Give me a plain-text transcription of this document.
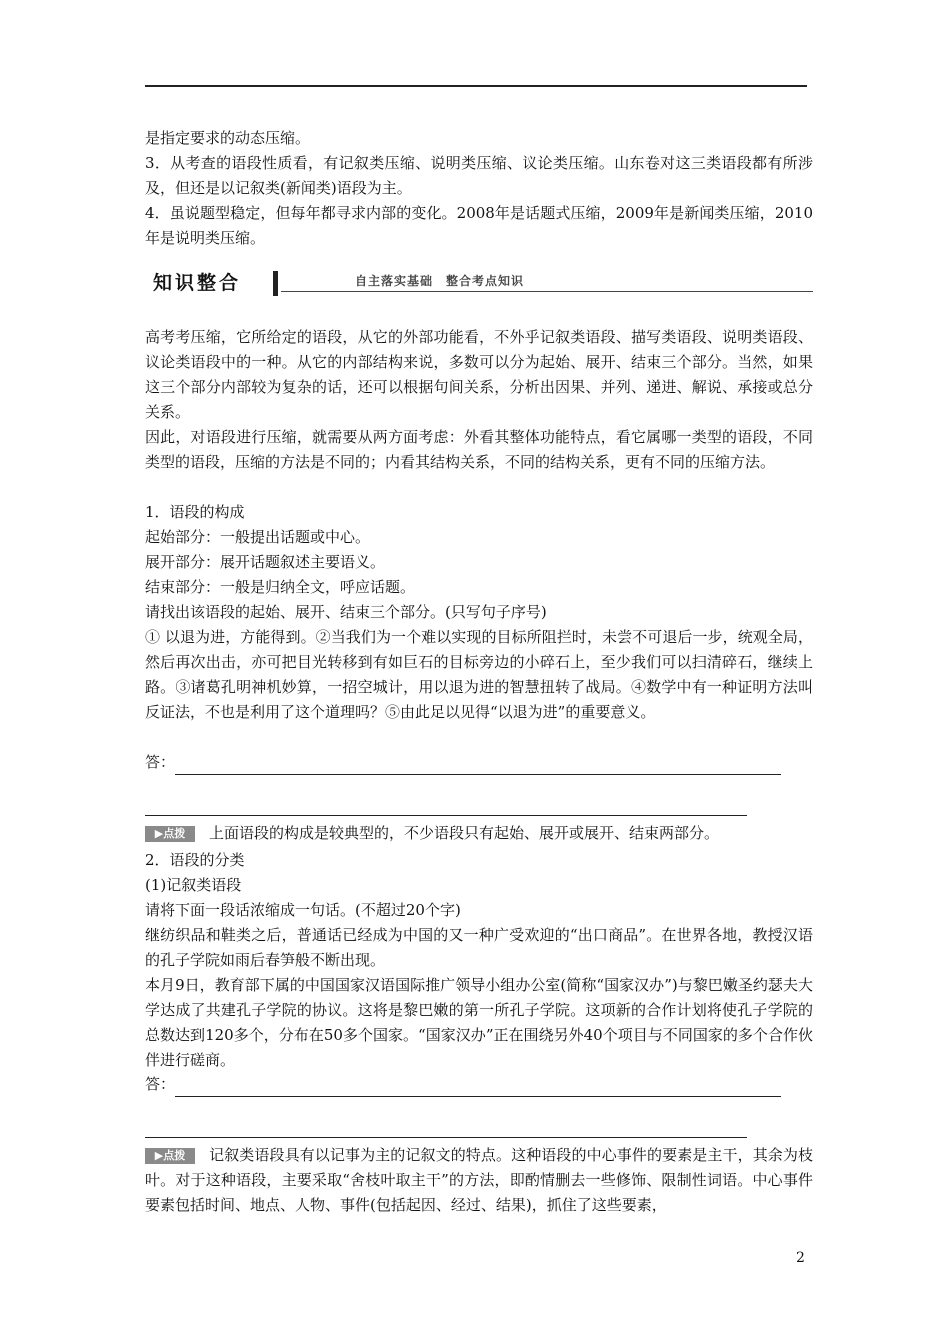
是指定要求的动态压缩。

3．从考查的语段性质看，有记叙类压缩、说明类压缩、议论类压缩。山东卷对这三类语段都有所涉及，但还是以记叙类(新闻类)语段为主。

4．虽说题型稳定，但每年都寻求内部的变化。2008年是话题式压缩，2009年是新闻类压缩，2010年是说明类压缩。

知识整合	自主落实基础　整合考点知识

高考考压缩，它所给定的语段，从它的外部功能看，不外乎记叙类语段、描写类语段、说明类语段、议论类语段中的一种。从它的内部结构来说，多数可以分为起始、展开、结束三个部分。当然，如果这三个部分内部较为复杂的话，还可以根据句间关系，分析出因果、并列、递进、解说、承接或总分关系。

因此，对语段进行压缩，就需要从两方面考虑：外看其整体功能特点，看它属哪一类型的语段，不同类型的语段，压缩的方法是不同的；内看其结构关系，不同的结构关系，更有不同的压缩方法。

1．语段的构成

起始部分：一般提出话题或中心。

展开部分：展开话题叙述主要语义。

结束部分：一般是归纳全文，呼应话题。

请找出该语段的起始、展开、结束三个部分。(只写句子序号)

① 以退为进，方能得到。②当我们为一个难以实现的目标所阻拦时，未尝不可退后一步，统观全局，然后再次出击，亦可把目光转移到有如巨石的目标旁边的小碎石上，至少我们可以扫清碎石，继续上路。③诸葛孔明神机妙算，一招空城计，用以退为进的智慧扭转了战局。④数学中有一种证明方法叫反证法，不也是利用了这个道理吗？⑤由此足以见得“以退为进”的重要意义。

答：

▶点拨 上面语段的构成是较典型的，不少语段只有起始、展开或展开、结束两部分。

2．语段的分类

(1)记叙类语段

请将下面一段话浓缩成一句话。(不超过20个字)

继纺织品和鞋类之后，普通话已经成为中国的又一种广受欢迎的“出口商品”。在世界各地，教授汉语的孔子学院如雨后春笋般不断出现。

本月9日，教育部下属的中国国家汉语国际推广领导小组办公室(简称“国家汉办”)与黎巴嫩圣约瑟夫大学达成了共建孔子学院的协议。这将是黎巴嫩的第一所孔子学院。这项新的合作计划将使孔子学院的总数达到120多个，分布在50多个国家。“国家汉办”正在围绕另外40个项目与不同国家的多个合作伙伴进行磋商。

答：

▶点拨 记叙类语段具有以记事为主的记叙文的特点。这种语段的中心事件的要素是主干，其余为枝叶。对于这种语段，主要采取“舍枝叶取主干”的方法，即酌情删去一些修饰、限制性词语。中心事件要素包括时间、地点、人物、事件(包括起因、经过、结果)，抓住了这些要素，

2
